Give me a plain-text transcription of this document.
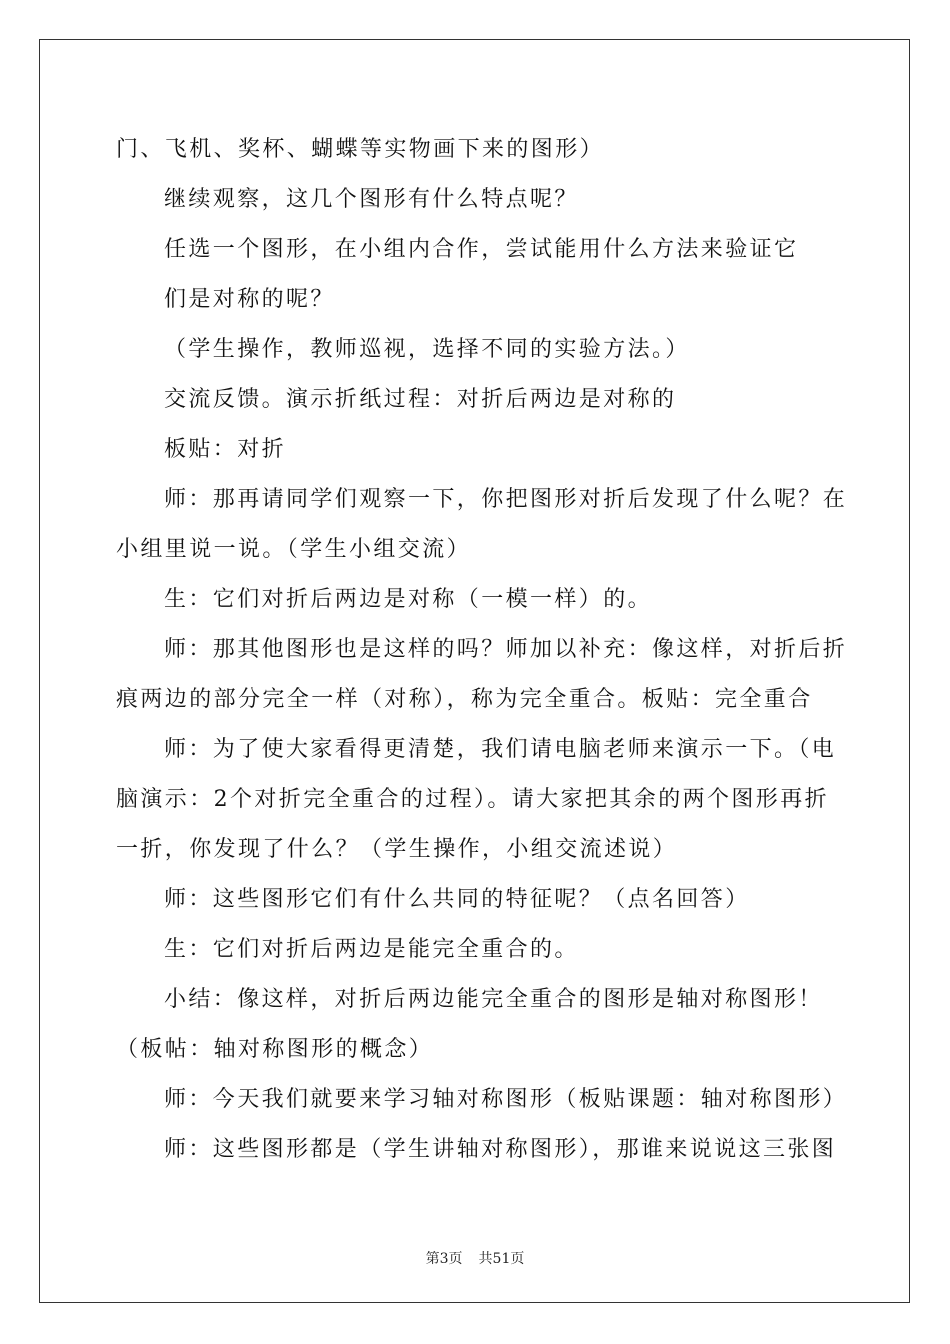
门、飞机、奖杯、蝴蝶等实物画下来的图形）
继续观察，这几个图形有什么特点呢？
任选一个图形，在小组内合作，尝试能用什么方法来验证它
们是对称的呢？
（学生操作，教师巡视，选择不同的实验方法。）
交流反馈。演示折纸过程：对折后两边是对称的
板贴：对折
师：那再请同学们观察一下，你把图形对折后发现了什么呢？在
小组里说一说。（学生小组交流）
生：它们对折后两边是对称（一模一样）的。
师：那其他图形也是这样的吗？师加以补充：像这样，对折后折
痕两边的部分完全一样（对称），称为完全重合。板贴：完全重合
师：为了使大家看得更清楚，我们请电脑老师来演示一下。（电
脑演示：2个对折完全重合的过程）。请大家把其余的两个图形再折
一折，你发现了什么？（学生操作，小组交流述说）
师：这些图形它们有什么共同的特征呢？（点名回答）
生：它们对折后两边是能完全重合的。
小结：像这样，对折后两边能完全重合的图形是轴对称图形！
（板帖：轴对称图形的概念）
师：今天我们就要来学习轴对称图形（板贴课题：轴对称图形）
师：这些图形都是（学生讲轴对称图形），那谁来说说这三张图
第3页 共51页
